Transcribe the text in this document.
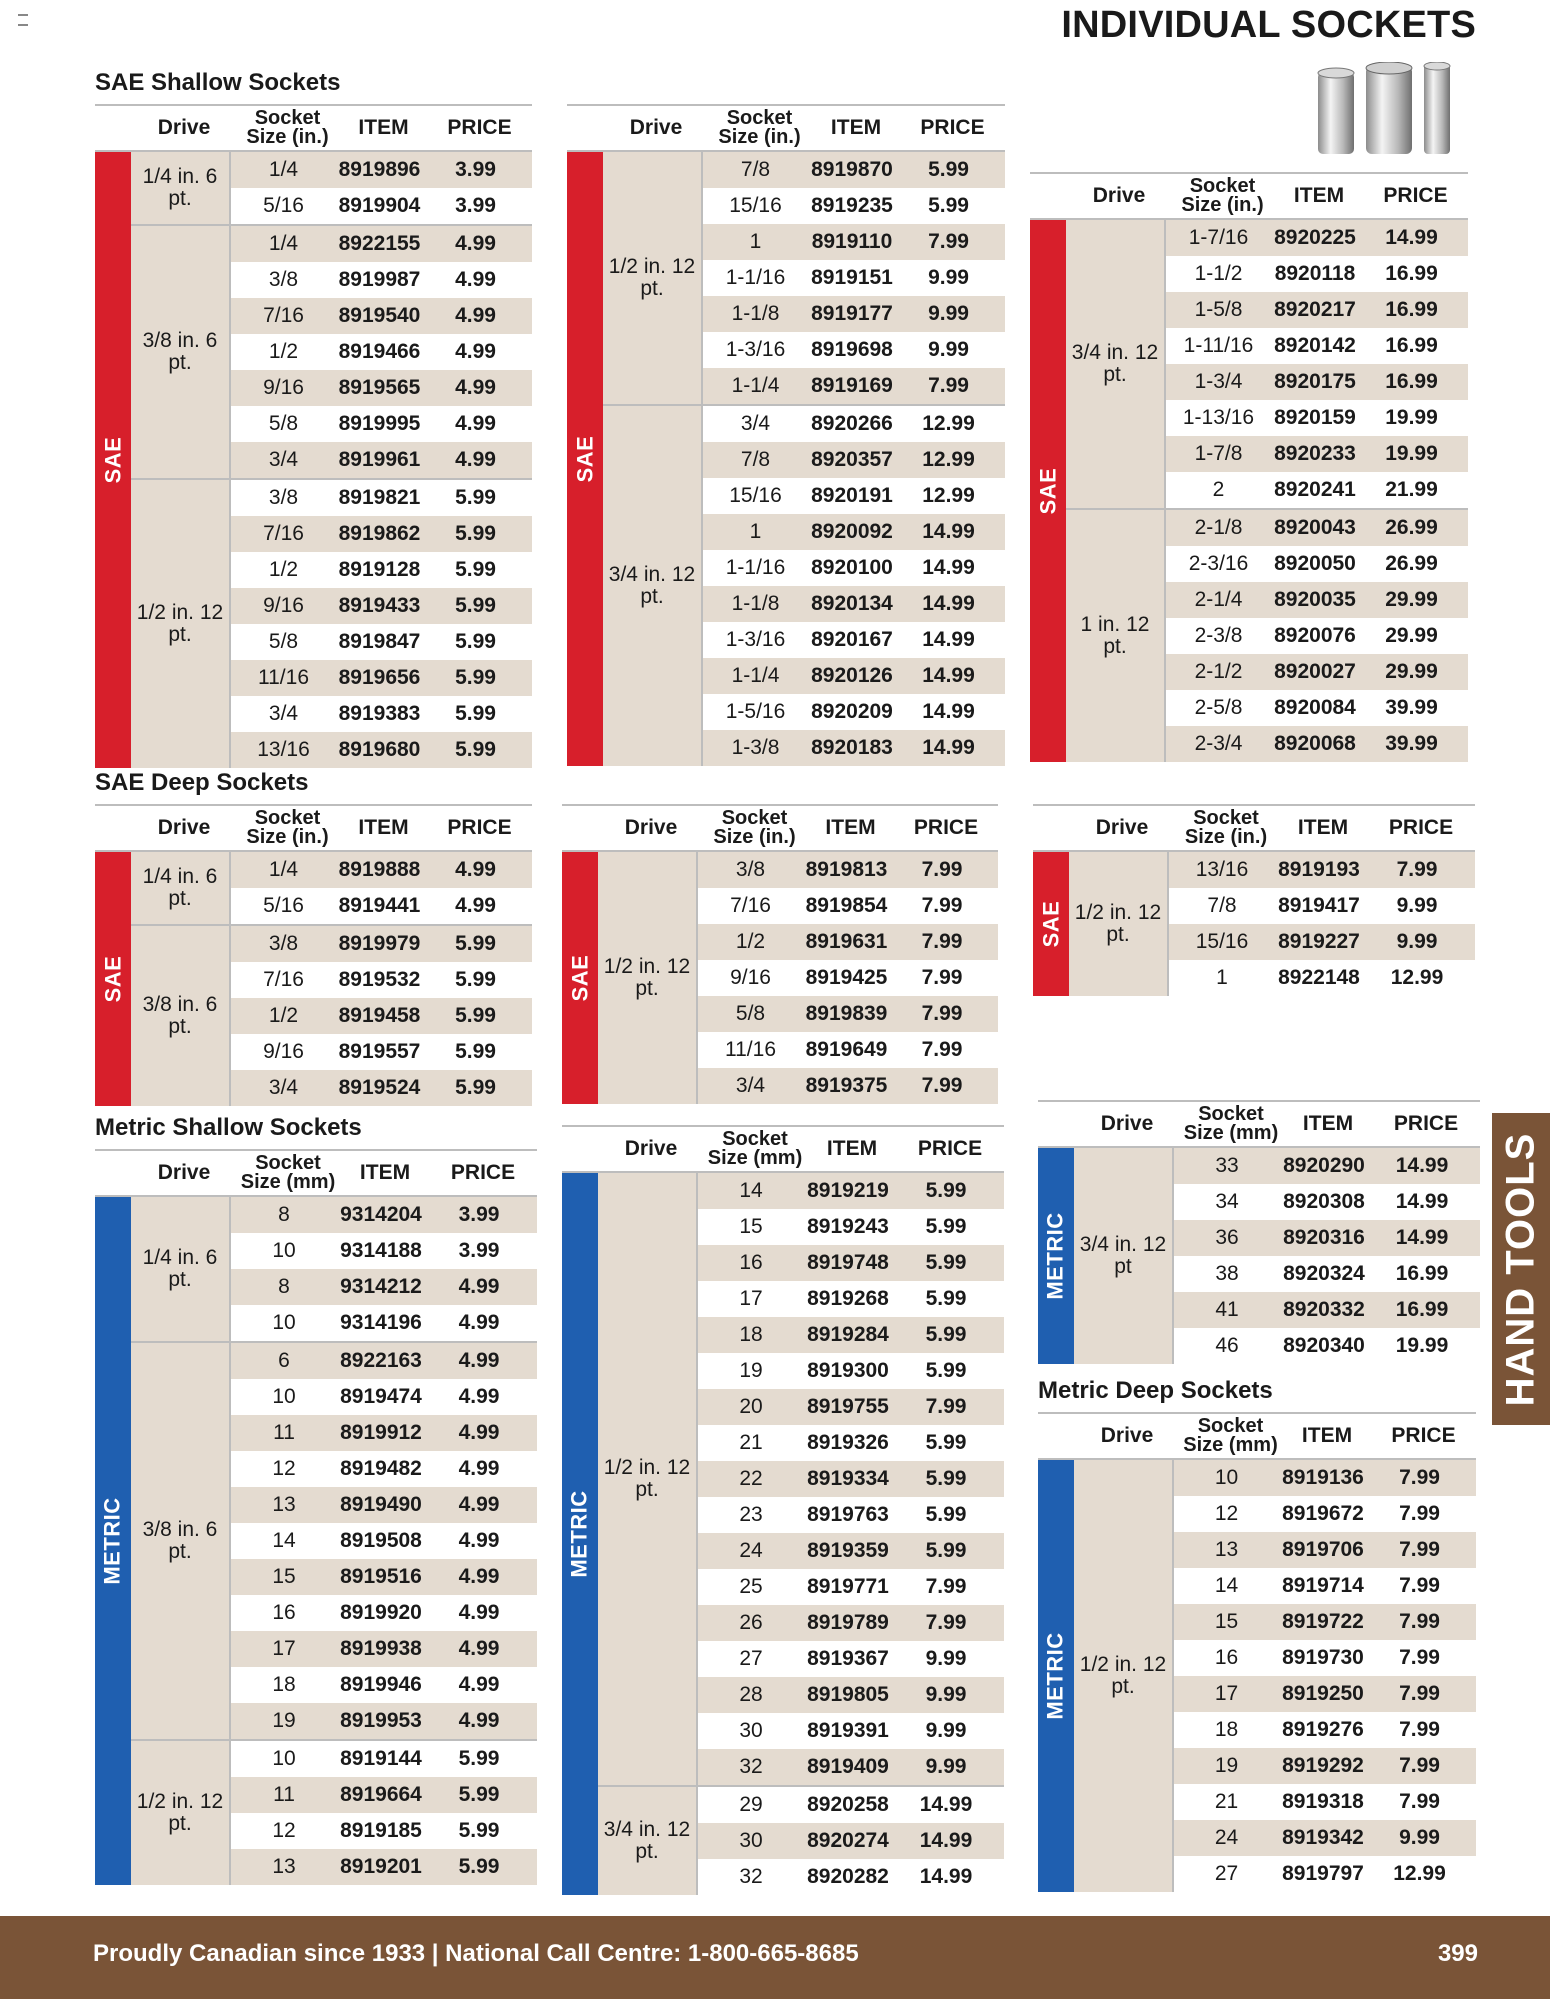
INDIVIDUAL SOCKETS
SAE Shallow Sockets
Drive	Socket Size (in.)	ITEM	PRICE
SAE
1/4 in. 6 pt.
1/4	8919896	3.99
5/16	8919904	3.99
3/8 in. 6 pt.
1/4	8922155	4.99
3/8	8919987	4.99
7/16	8919540	4.99
1/2	8919466	4.99
9/16	8919565	4.99
5/8	8919995	4.99
3/4	8919961	4.99
1/2 in. 12 pt.
3/8	8919821	5.99
7/16	8919862	5.99
1/2	8919128	5.99
9/16	8919433	5.99
5/8	8919847	5.99
11/16	8919656	5.99
3/4	8919383	5.99
13/16	8919680	5.99
SAE Deep Sockets
Drive	Socket Size (in.)	ITEM	PRICE
SAE
1/4 in. 6 pt.
1/4	8919888	4.99
5/16	8919441	4.99
3/8 in. 6 pt.
3/8	8919979	5.99
7/16	8919532	5.99
1/2	8919458	5.99
9/16	8919557	5.99
3/4	8919524	5.99
Metric Shallow Sockets
Drive	Socket Size (mm)	ITEM	PRICE
METRIC
1/4 in. 6 pt.
8	9314204	3.99
10	9314188	3.99
8	9314212	4.99
10	9314196	4.99
3/8 in. 6 pt.
6	8922163	4.99
10	8919474	4.99
11	8919912	4.99
12	8919482	4.99
13	8919490	4.99
14	8919508	4.99
15	8919516	4.99
16	8919920	4.99
17	8919938	4.99
18	8919946	4.99
19	8919953	4.99
1/2 in. 12 pt.
10	8919144	5.99
11	8919664	5.99
12	8919185	5.99
13	8919201	5.99
Drive	Socket Size (in.)	ITEM	PRICE
SAE
1/2 in. 12 pt.
7/8	8919870	5.99
15/16	8919235	5.99
1	8919110	7.99
1-1/16	8919151	9.99
1-1/8	8919177	9.99
1-3/16	8919698	9.99
1-1/4	8919169	7.99
3/4 in. 12 pt.
3/4	8920266	12.99
7/8	8920357	12.99
15/16	8920191	12.99
1	8920092	14.99
1-1/16	8920100	14.99
1-1/8	8920134	14.99
1-3/16	8920167	14.99
1-1/4	8920126	14.99
1-5/16	8920209	14.99
1-3/8	8920183	14.99
Drive	Socket Size (in.)	ITEM	PRICE
SAE 1/2 in. 12 pt.
3/8	8919813	7.99
7/16	8919854	7.99
1/2	8919631	7.99
9/16	8919425	7.99
5/8	8919839	7.99
11/16	8919649	7.99
3/4	8919375	7.99
Drive	Socket Size (mm)	ITEM	PRICE
METRIC
1/2 in. 12 pt.
14	8919219	5.99
15	8919243	5.99
16	8919748	5.99
17	8919268	5.99
18	8919284	5.99
19	8919300	5.99
20	8919755	7.99
21	8919326	5.99
22	8919334	5.99
23	8919763	5.99
24	8919359	5.99
25	8919771	7.99
26	8919789	7.99
27	8919367	9.99
28	8919805	9.99
30	8919391	9.99
32	8919409	9.99
3/4 in. 12 pt.
29	8920258	14.99
30	8920274	14.99
32	8920282	14.99
Drive	Socket Size (in.)	ITEM	PRICE
SAE
3/4 in. 12 pt.
1-7/16	8920225	14.99
1-1/2	8920118	16.99
1-5/8	8920217	16.99
1-11/16 8920142	16.99
1-3/4	8920175	16.99
1-13/16 8920159	19.99
1-7/8	8920233	19.99
2	8920241	21.99
1 in. 12 pt.
2-1/8	8920043	26.99
2-3/16	8920050	26.99
2-1/4	8920035	29.99
2-3/8	8920076	29.99
2-1/2	8920027	29.99
2-5/8	8920084	39.99
2-3/4	8920068	39.99
Drive	Socket Size (in.)	ITEM	PRICE
SAE 1/2 in. 12 pt.
13/16	8919193	7.99
7/8	8919417	9.99
15/16	8919227	9.99
1	8922148	12.99
Drive	Socket Size (mm)	ITEM	PRICE
METRIC 3/4 in. 12 pt
33	8920290	14.99
34	8920308	14.99
36	8920316	14.99
38	8920324	16.99
41	8920332	16.99
46	8920340	19.99
Metric Deep Sockets
Drive	Socket Size (mm)	ITEM	PRICE
METRIC 1/2 in. 12 pt.
10	8919136	7.99
12	8919672	7.99
13	8919706	7.99
14	8919714	7.99
15	8919722	7.99
16	8919730	7.99
17	8919250	7.99
18	8919276	7.99
19	8919292	7.99
21	8919318	7.99
24	8919342	9.99
27	8919797	12.99
HAND TOOLS
Proudly Canadian since 1933 | National Call Centre: 1-800-665-8685	399
